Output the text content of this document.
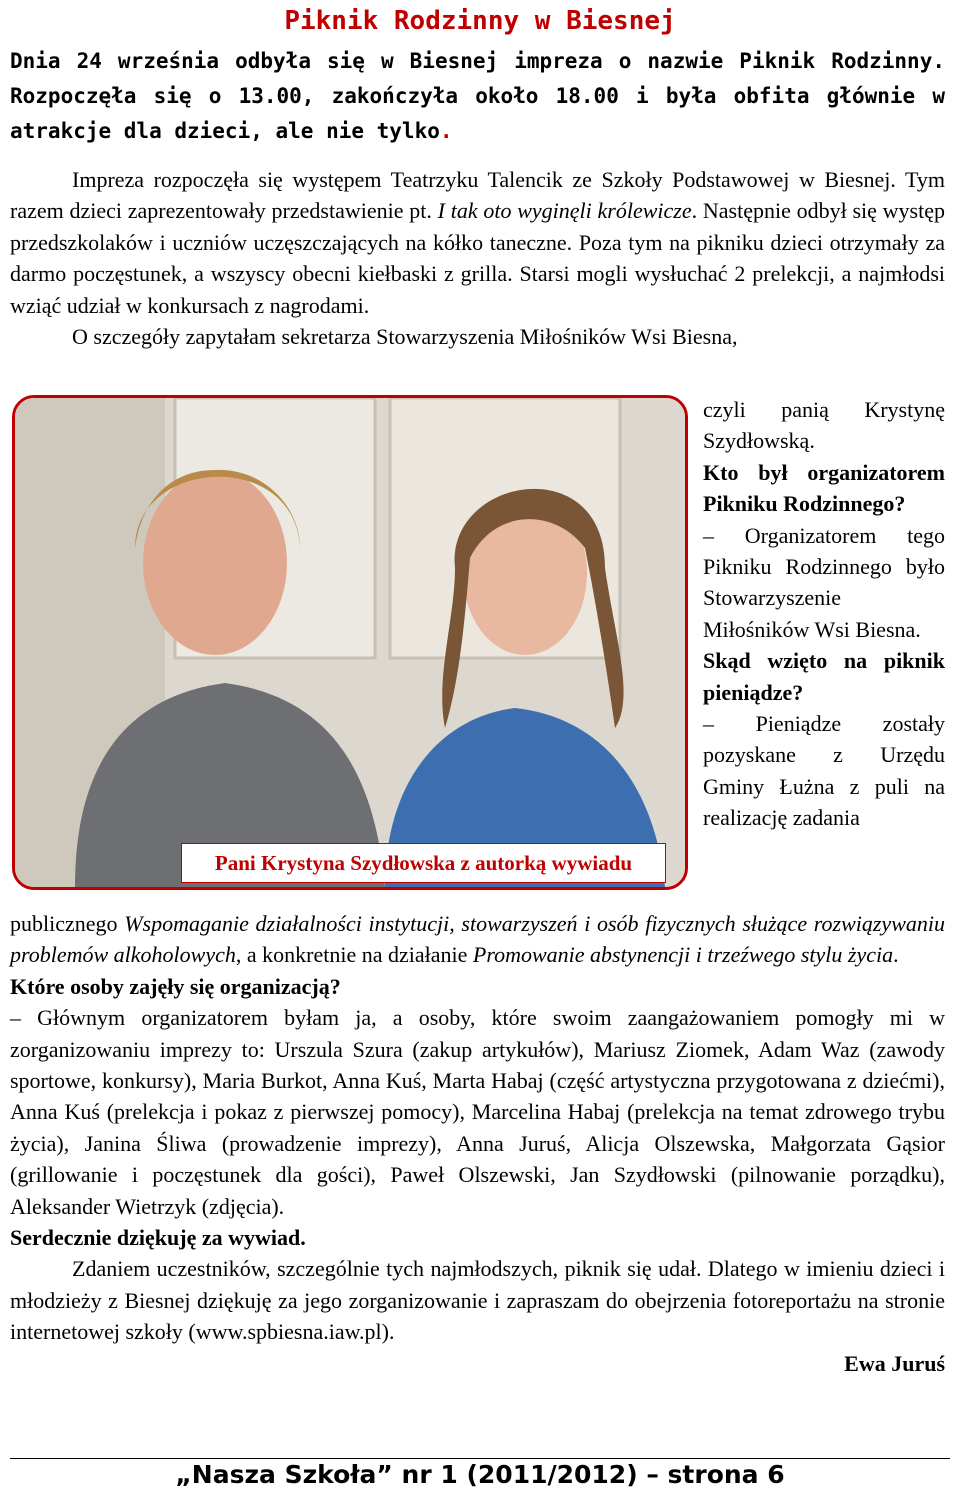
Piknik Rodzinny w Biesnej
Dnia 24 września odbyła się w Biesnej impreza o nazwie Piknik Rodzinny. Rozpoczęła się o 13.00, zakończyła około 18.00 i była obfita głównie w atrakcje dla dzieci, ale nie tylko.
Impreza rozpoczęła się występem Teatrzyku Talencik ze Szkoły Podstawowej w Biesnej. Tym razem dzieci zaprezentowały przedstawienie pt. I tak oto wyginęli królewicze. Następnie odbył się występ przedszkolaków i uczniów uczęszczających na kółko taneczne. Poza tym na pikniku dzieci otrzymały za darmo poczęstunek, a wszyscy obecni kiełbaski z grilla. Starsi mogli wysłuchać 2 prelekcji, a najmłodsi wziąć udział w konkursach z nagrodami.
O szczegóły zapytałam sekretarza Stowarzyszenia Miłośników Wsi Biesna,
Pani Krystyna Szydłowska z autorką wywiadu
czyli panią Krystynę Szydłowską.
Kto był organizatorem Pikniku Rodzinnego?
– Organizatorem tego Pikniku Rodzinnego było Stowarzyszenie Miłośników Wsi Biesna.
Skąd wzięto na piknik pieniądze?
– Pieniądze zostały pozyskane z Urzędu Gminy Łużna z puli na realizację zadania
publicznego Wspomaganie działalności instytucji, stowarzyszeń i osób fizycznych służące rozwiązywaniu problemów alkoholowych, a konkretnie na działanie Promowanie abstynencji i trzeźwego stylu życia.
Które osoby zajęły się organizacją?
– Głównym organizatorem byłam ja, a osoby, które swoim zaangażowaniem pomogły mi w zorganizowaniu imprezy to: Urszula Szura (zakup artykułów), Mariusz Ziomek, Adam Waz (zawody sportowe, konkursy), Maria Burkot, Anna Kuś, Marta Habaj (część artystyczna przygotowana z dziećmi), Anna Kuś (prelekcja i pokaz z pierwszej pomocy), Marcelina Habaj (prelekcja na temat zdrowego trybu życia), Janina Śliwa (prowadzenie imprezy), Anna Juruś, Alicja Olszewska, Małgorzata Gąsior (grillowanie i poczęstunek dla gości), Paweł Olszewski, Jan Szydłowski (pilnowanie porządku), Aleksander Wietrzyk (zdjęcia).
Serdecznie dziękuję za wywiad.
Zdaniem uczestników, szczególnie tych najmłodszych, piknik się udał. Dlatego w imieniu dzieci i młodzieży z Biesnej dziękuję za jego zorganizowanie i zapraszam do obejrzenia fotoreportażu na stronie internetowej szkoły (www.spbiesna.iaw.pl).
Ewa Juruś
„Nasza Szkoła” nr 1 (2011/2012) – strona 6
